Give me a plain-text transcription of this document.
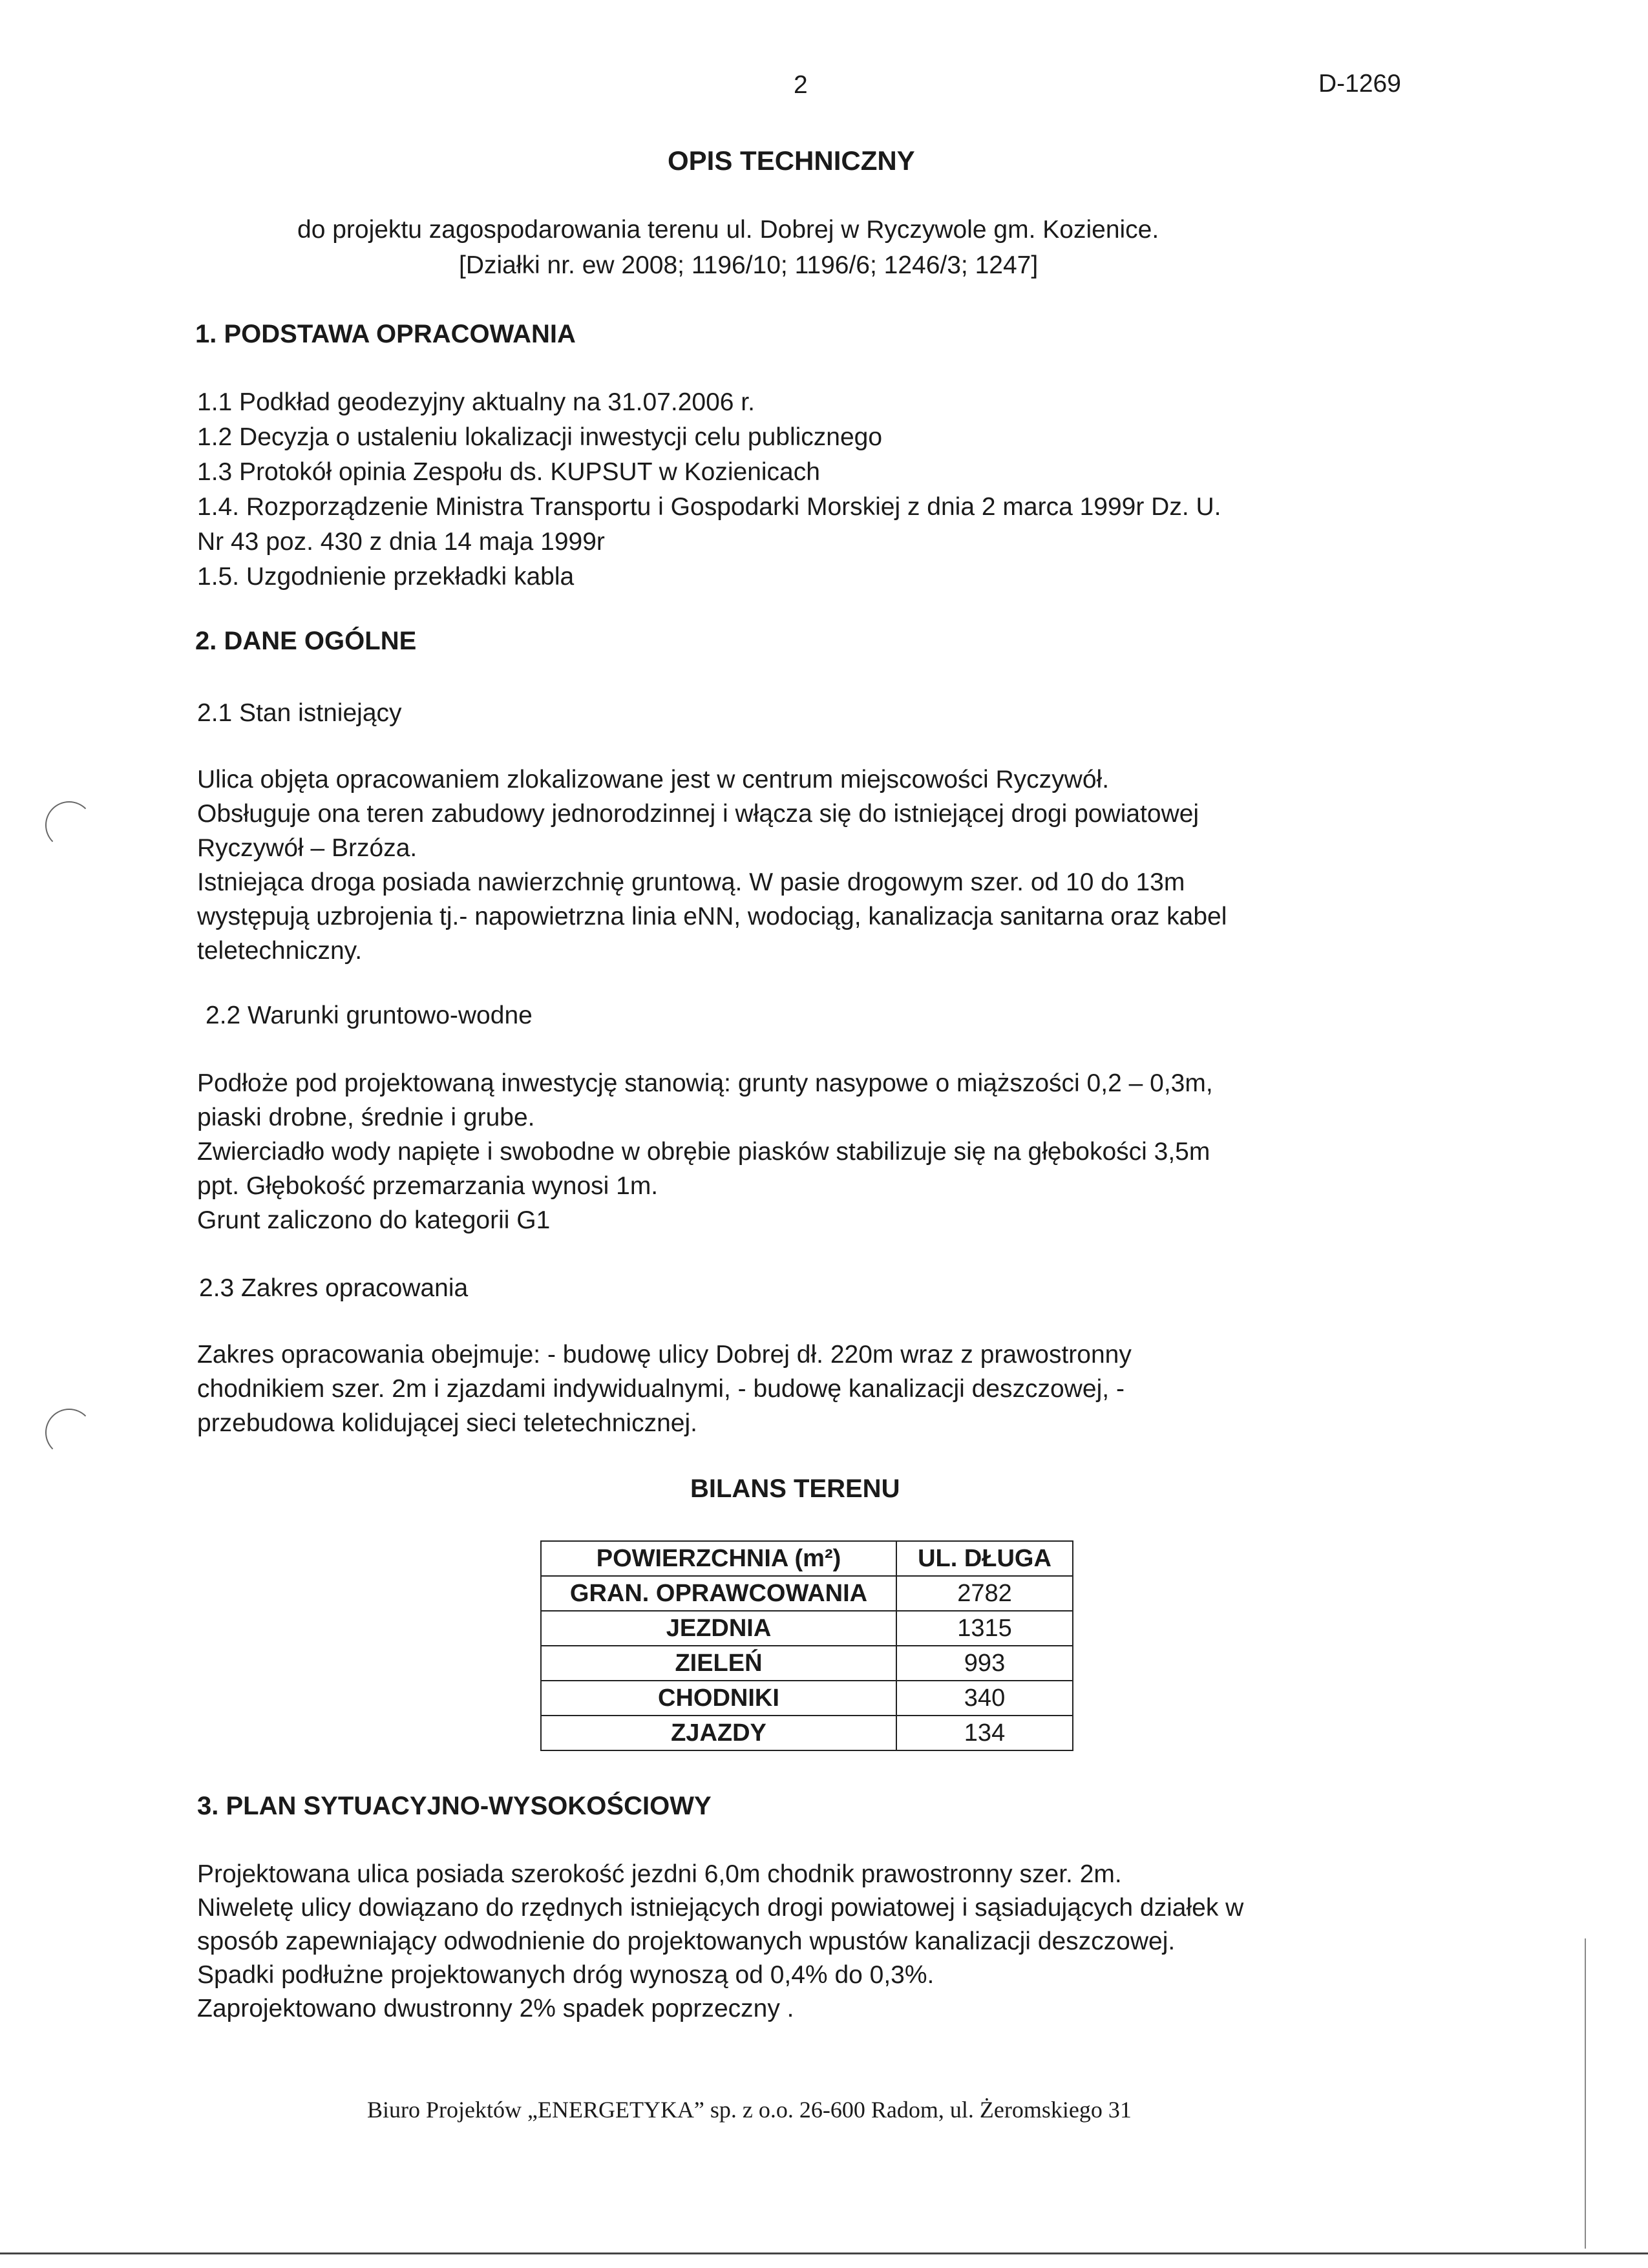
2	D-1269
OPIS TECHNICZNY
do projektu zagospodarowania terenu ul. Dobrej w Ryczywole gm. Kozienice.
[Działki nr. ew 2008; 1196/10; 1196/6; 1246/3; 1247]
1. PODSTAWA OPRACOWANIA
1.1 Podkład geodezyjny aktualny na 31.07.2006 r.
1.2 Decyzja o ustaleniu lokalizacji inwestycji celu publicznego
1.3 Protokół opinia Zespołu ds. KUPSUT w Kozienicach
1.4. Rozporządzenie Ministra Transportu i Gospodarki Morskiej z dnia 2 marca 1999r Dz. U.
Nr 43 poz. 430 z dnia 14 maja 1999r
1.5. Uzgodnienie przekładki kabla
2. DANE OGÓLNE
2.1 Stan istniejący
Ulica objęta opracowaniem zlokalizowane jest w centrum miejscowości Ryczywół.
Obsługuje ona teren zabudowy jednorodzinnej i włącza się do istniejącej drogi powiatowej
Ryczywół – Brzóza.
Istniejąca droga posiada nawierzchnię gruntową. W pasie drogowym szer. od 10 do 13m
występują uzbrojenia tj.- napowietrzna linia eNN, wodociąg, kanalizacja sanitarna oraz kabel
teletechniczny.
2.2 Warunki gruntowo-wodne
Podłoże pod projektowaną inwestycję stanowią: grunty nasypowe o miąższości 0,2 – 0,3m,
piaski drobne, średnie i grube.
Zwierciadło wody napięte i swobodne w obrębie piasków stabilizuje się na głębokości 3,5m
ppt. Głębokość przemarzania wynosi 1m.
Grunt zaliczono do kategorii G1
2.3 Zakres opracowania
Zakres opracowania obejmuje: - budowę ulicy Dobrej dł. 220m wraz z prawostronny
chodnikiem szer. 2m i zjazdami indywidualnymi, - budowę kanalizacji deszczowej, -
przebudowa kolidującej sieci teletechnicznej.
BILANS TERENU
POWIERZCHNIA (m²)	UL. DŁUGA
GRAN. OPRAWCOWANIA	2782
JEZDNIA	1315
ZIELEŃ	993
CHODNIKI	340
ZJAZDY	134
3. PLAN SYTUACYJNO-WYSOKOŚCIOWY
Projektowana ulica posiada szerokość jezdni 6,0m chodnik prawostronny szer. 2m.
Niweletę ulicy dowiązano do rzędnych istniejących drogi powiatowej i sąsiadujących działek w
sposób zapewniający odwodnienie do projektowanych wpustów kanalizacji deszczowej.
Spadki podłużne projektowanych dróg wynoszą od 0,4% do 0,3%.
Zaprojektowano dwustronny 2% spadek poprzeczny .
Biuro Projektów „ENERGETYKA” sp. z o.o. 26-600 Radom, ul. Żeromskiego 31
